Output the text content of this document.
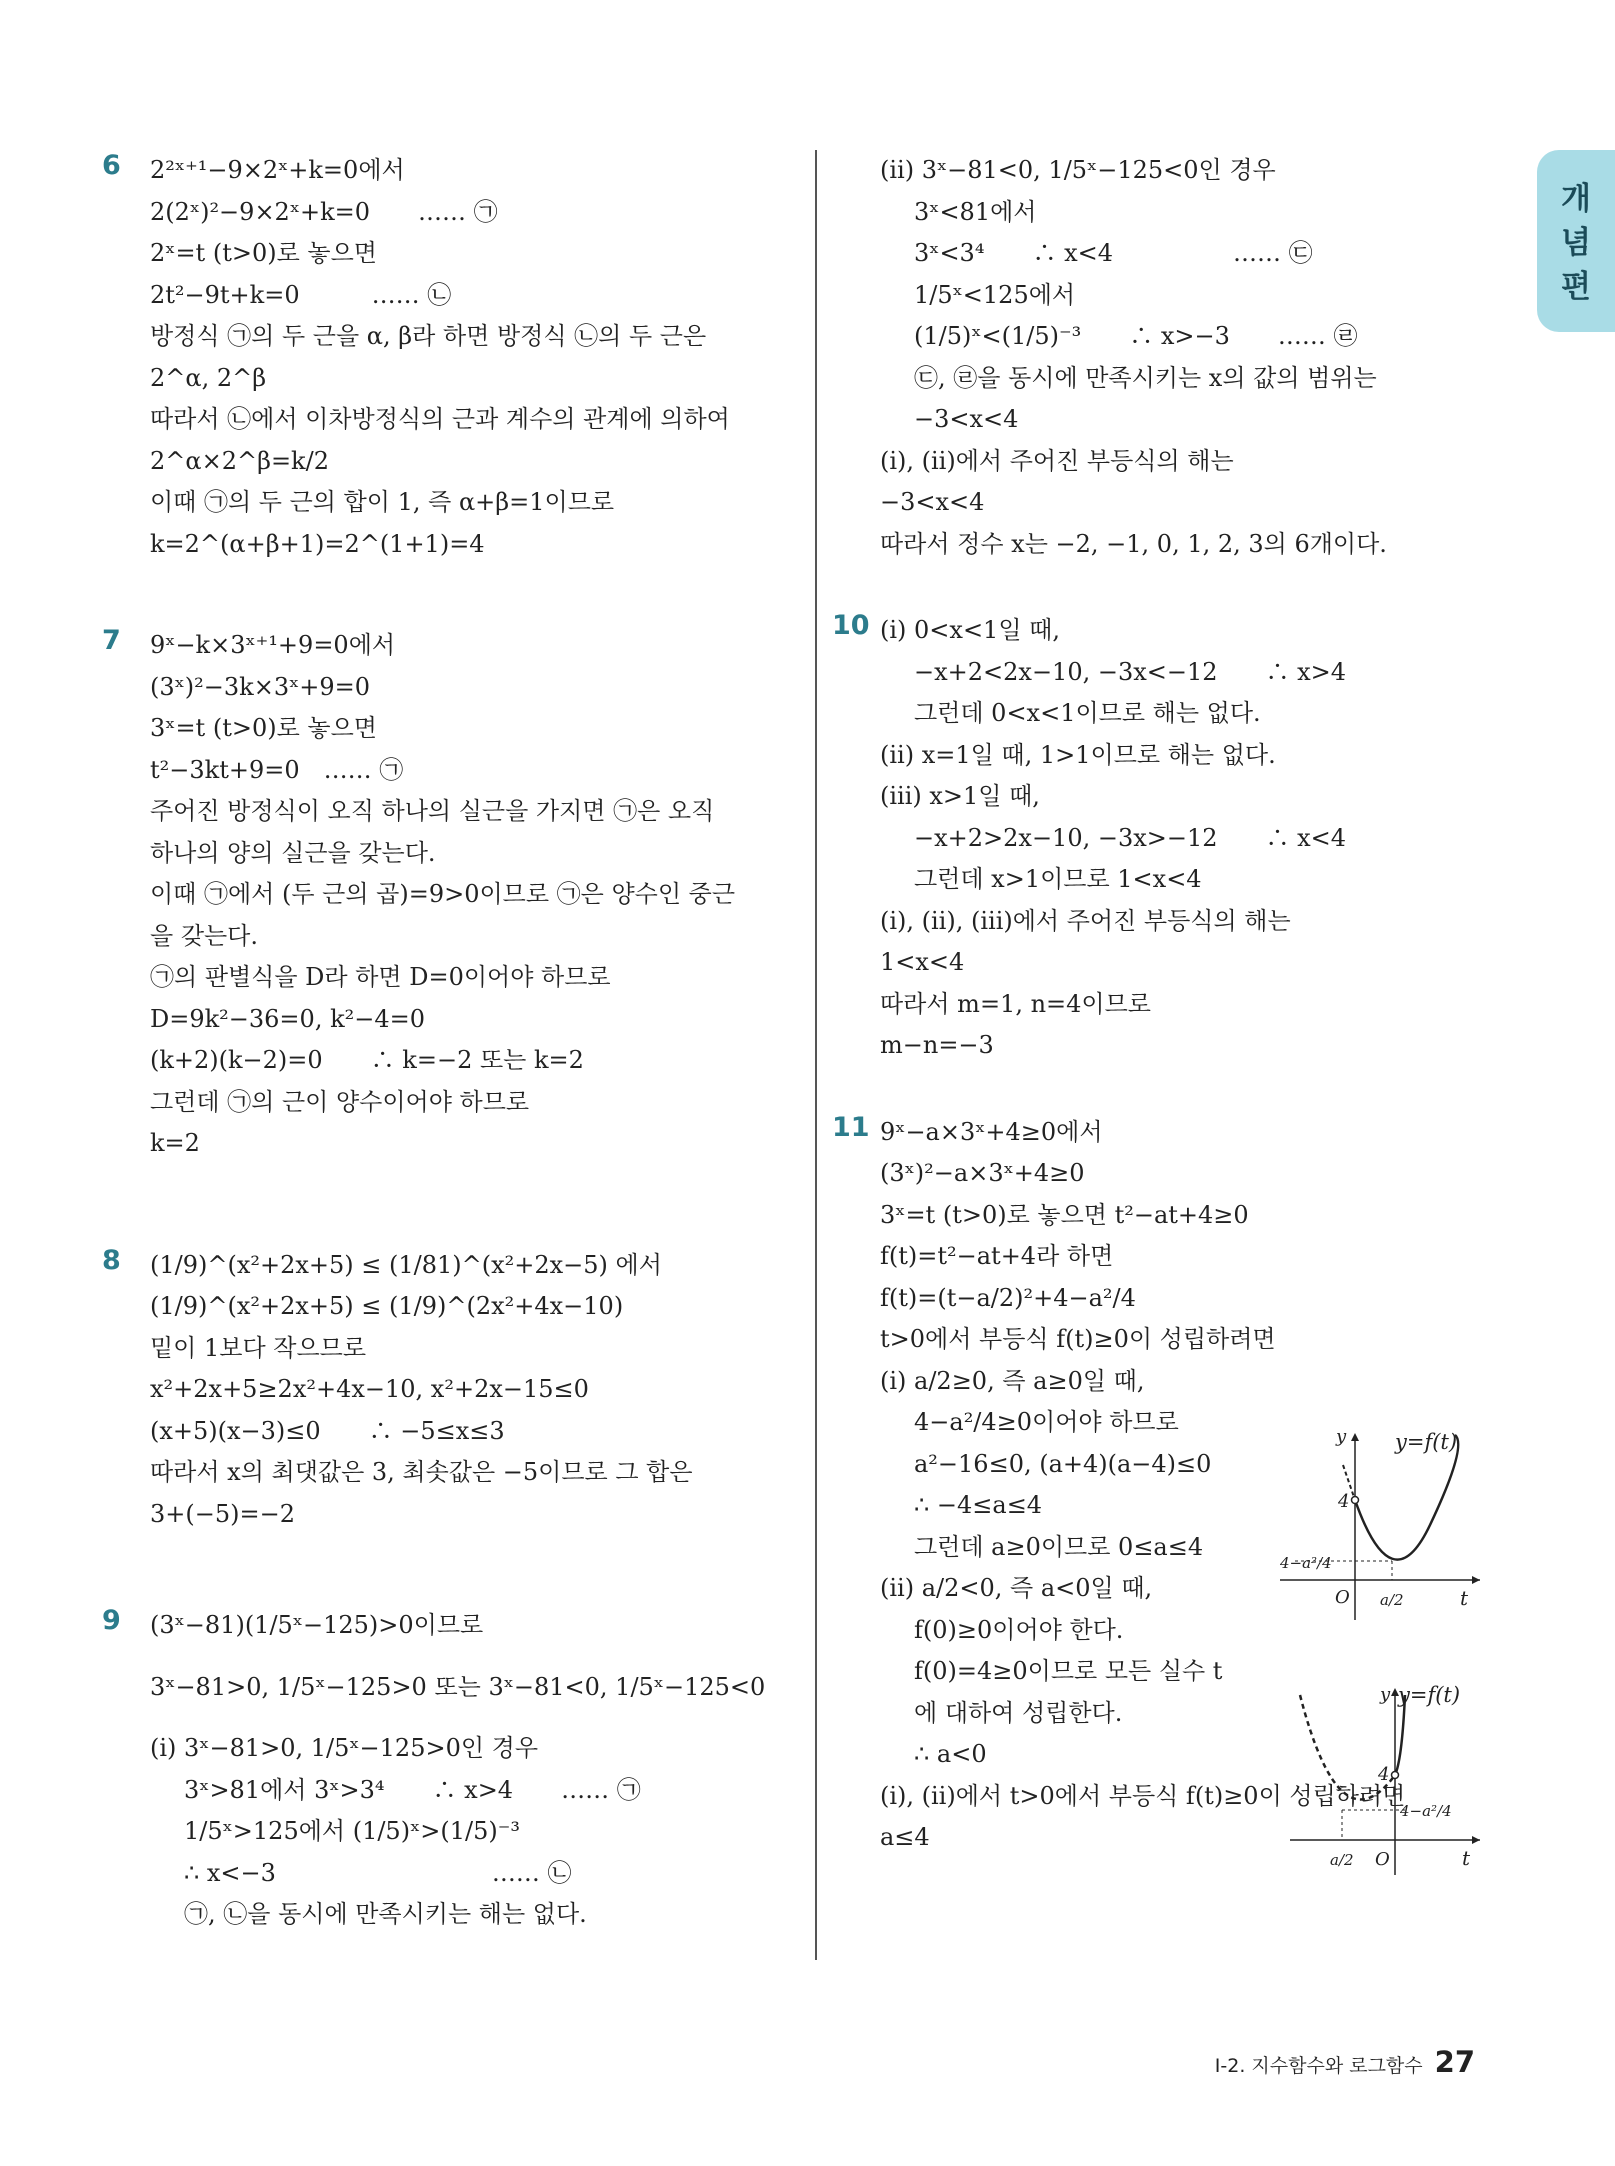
개
념
편
6 2²ˣ⁺¹−9×2ˣ+k=0에서
2(2ˣ)²−9×2ˣ+k=0　　…… ㉠
2ˣ=t (t>0)로 놓으면
2t²−9t+k=0　　　…… ㉡
방정식 ㉠의 두 근을 α, β라 하면 방정식 ㉡의 두 근은
2^α, 2^β
따라서 ㉡에서 이차방정식의 근과 계수의 관계에 의하여
2^α×2^β=k/2
이때 ㉠의 두 근의 합이 1, 즉 α+β=1이므로
k=2^(α+β+1)=2^(1+1)=4
7 9ˣ−k×3ˣ⁺¹+9=0에서
(3ˣ)²−3k×3ˣ+9=0
3ˣ=t (t>0)로 놓으면
t²−3kt+9=0　…… ㉠
주어진 방정식이 오직 하나의 실근을 가지면 ㉠은 오직
하나의 양의 실근을 갖는다.
이때 ㉠에서 (두 근의 곱)=9>0이므로 ㉠은 양수인 중근
을 갖는다.
㉠의 판별식을 D라 하면 D=0이어야 하므로
D=9k²−36=0, k²−4=0
(k+2)(k−2)=0　　∴ k=−2 또는 k=2
그런데 ㉠의 근이 양수이어야 하므로
k=2
8 (1/9)^(x²+2x+5) ≤ (1/81)^(x²+2x−5) 에서
(1/9)^(x²+2x+5) ≤ (1/9)^(2x²+4x−10)
밑이 1보다 작으므로
x²+2x+5≥2x²+4x−10, x²+2x−15≤0
(x+5)(x−3)≤0　　∴ −5≤x≤3
따라서 x의 최댓값은 3, 최솟값은 −5이므로 그 합은
3+(−5)=−2
9 (3ˣ−81)(1/5ˣ−125)>0이므로
3ˣ−81>0, 1/5ˣ−125>0 또는 3ˣ−81<0, 1/5ˣ−125<0
(ⅰ) 3ˣ−81>0, 1/5ˣ−125>0인 경우
3ˣ>81에서 3ˣ>3⁴　　∴ x>4　　…… ㉠
1/5ˣ>125에서 (1/5)ˣ>(1/5)⁻³
∴ x<−3　　　　　　　　　…… ㉡
㉠, ㉡을 동시에 만족시키는 해는 없다.
(ⅱ) 3ˣ−81<0, 1/5ˣ−125<0인 경우
3ˣ<81에서
3ˣ<3⁴　　∴ x<4　　　　　…… ㉢
1/5ˣ<125에서
(1/5)ˣ<(1/5)⁻³　　∴ x>−3　　…… ㉣
㉢, ㉣을 동시에 만족시키는 x의 값의 범위는
−3<x<4
(ⅰ), (ⅱ)에서 주어진 부등식의 해는
−3<x<4
따라서 정수 x는 −2, −1, 0, 1, 2, 3의 6개이다.
10 (ⅰ) 0<x<1일 때,
−x+2<2x−10, −3x<−12　　∴ x>4
그런데 0<x<1이므로 해는 없다.
(ⅱ) x=1일 때, 1>1이므로 해는 없다.
(ⅲ) x>1일 때,
−x+2>2x−10, −3x>−12　　∴ x<4
그런데 x>1이므로 1<x<4
(ⅰ), (ⅱ), (ⅲ)에서 주어진 부등식의 해는
1<x<4
따라서 m=1, n=4이므로
m−n=−3
11 9ˣ−a×3ˣ+4≥0에서
(3ˣ)²−a×3ˣ+4≥0
3ˣ=t (t>0)로 놓으면 t²−at+4≥0
f(t)=t²−at+4라 하면
f(t)=(t−a/2)²+4−a²/4
t>0에서 부등식 f(t)≥0이 성립하려면
(ⅰ) a/2≥0, 즉 a≥0일 때,
4−a²/4≥0이어야 하므로
a²−16≤0, (a+4)(a−4)≤0
∴ −4≤a≤4
그런데 a≥0이므로 0≤a≤4
(ⅱ) a/2<0, 즉 a<0일 때,
f(0)≥0이어야 한다.
f(0)=4≥0이므로 모든 실수 t
에 대하여 성립한다.
∴ a<0
(ⅰ), (ⅱ)에서 t>0에서 부등식 f(t)≥0이 성립하려면
a≤4
y y=f(t)
4
4−a²/4
O a/2	t
y y=f(t)
4
4−a²/4
a/2 O	t
Ⅰ-2. 지수함수와 로그함수 27
